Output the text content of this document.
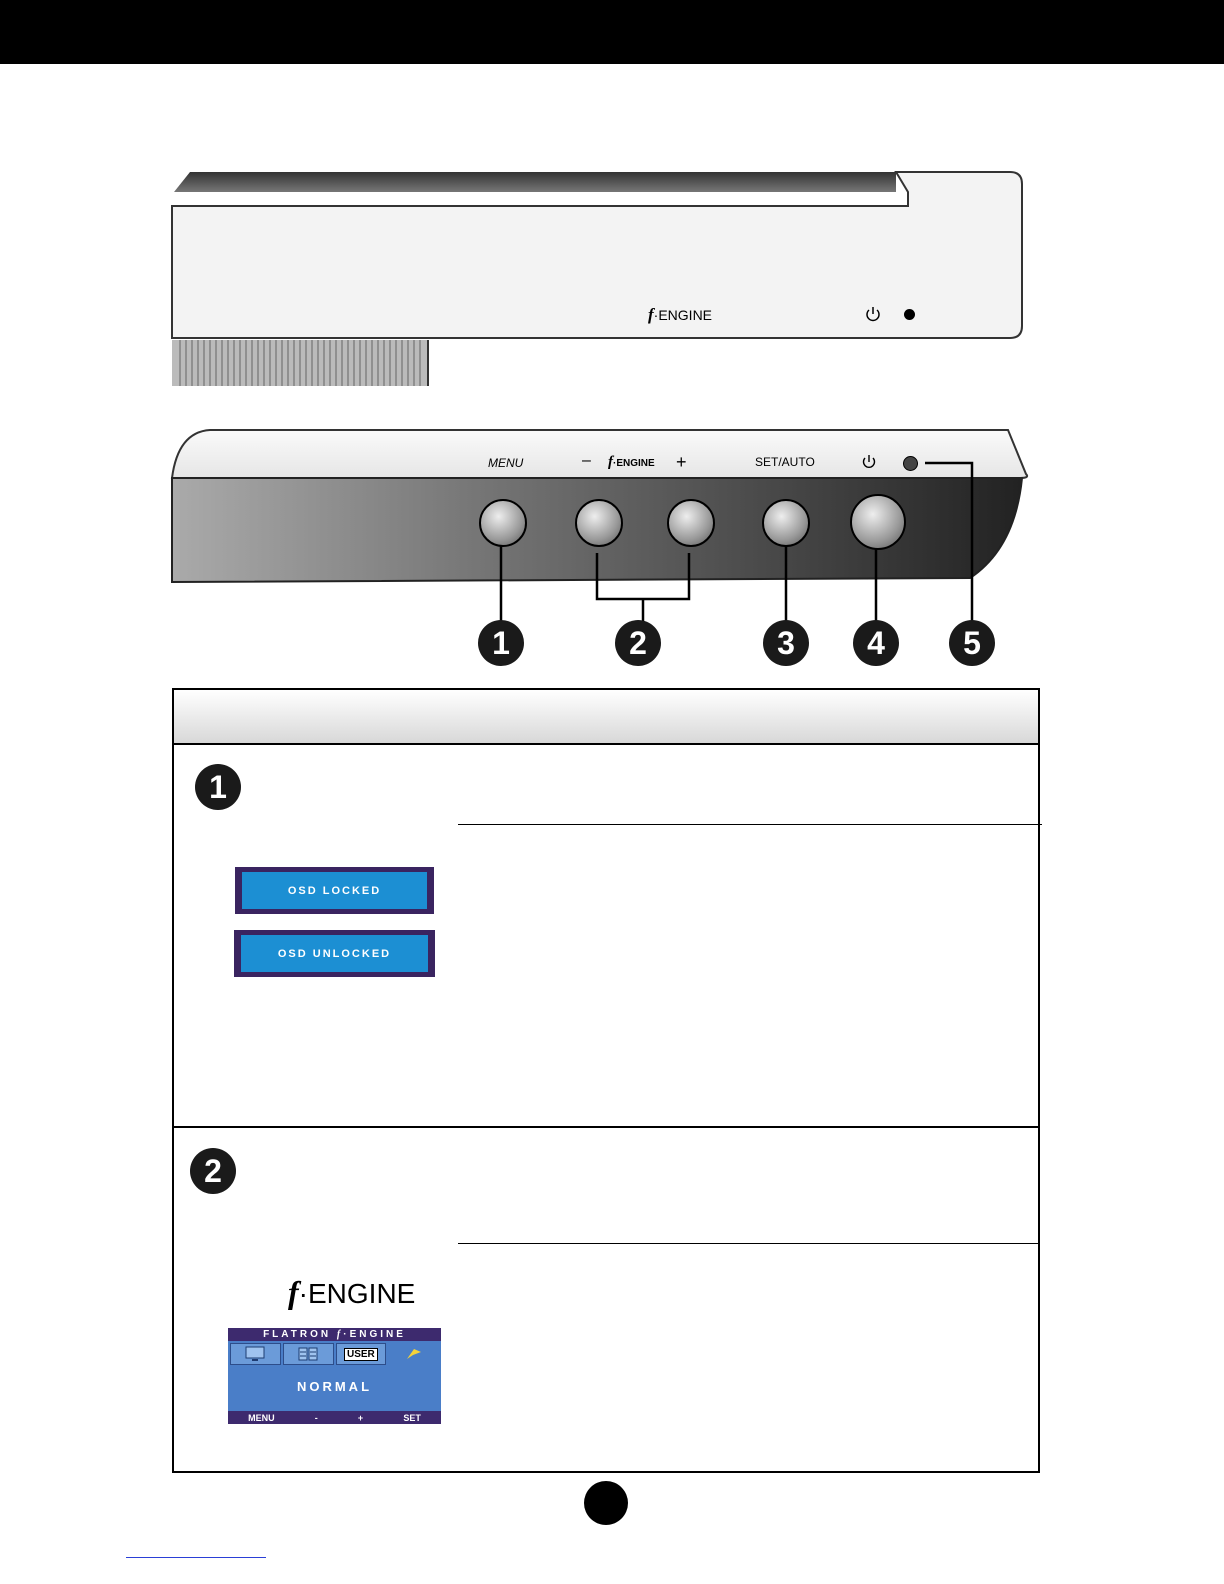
f·ENGINE
MENU	– f·ENGINE +	SET/AUTO
1	2	3	4	5
1
OSD LOCKED
OSD UNLOCKED
2
f·ENGINE
FLATRON f·ENGINE
USER
NORMAL
MENU	-	+	SET
